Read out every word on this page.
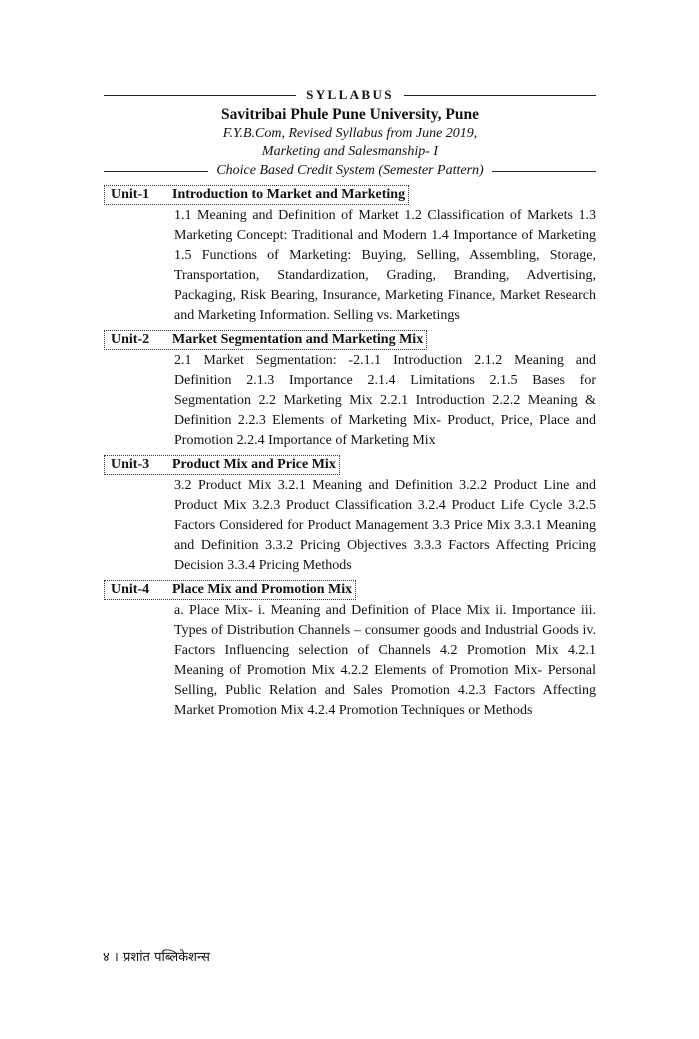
SYLLABUS
Savitribai Phule Pune University, Pune
F.Y.B.Com, Revised Syllabus from June 2019,
Marketing and Salesmanship- I
Choice Based Credit System (Semester Pattern)
Unit-1	Introduction to Market and Marketing
1.1 Meaning and Definition of Market 1.2 Classification of Markets 1.3 Marketing Concept: Traditional and Modern 1.4 Importance of Marketing 1.5 Functions of Marketing: Buying, Selling, Assembling, Storage, Transportation, Standardization, Grading, Branding, Advertising, Packaging, Risk Bearing, Insurance, Marketing Finance, Market Research and Marketing Information. Selling vs. Marketings
Unit-2	Market Segmentation and Marketing Mix
2.1 Market Segmentation: -2.1.1 Introduction 2.1.2 Meaning and Definition 2.1.3 Importance 2.1.4 Limitations 2.1.5 Bases for Segmentation 2.2 Marketing Mix 2.2.1 Introduction 2.2.2 Meaning & Definition 2.2.3 Elements of Marketing Mix- Product, Price, Place and Promotion 2.2.4 Importance of Marketing Mix
Unit-3	Product Mix and Price Mix
3.2 Product Mix 3.2.1 Meaning and Definition 3.2.2 Product Line and Product Mix 3.2.3 Product Classification 3.2.4 Product Life Cycle 3.2.5 Factors Considered for Product Management 3.3 Price Mix 3.3.1 Meaning and Definition 3.3.2 Pricing Objectives 3.3.3 Factors Affecting Pricing Decision 3.3.4 Pricing Methods
Unit-4	Place Mix and Promotion Mix
a. Place Mix- i. Meaning and Definition of Place Mix ii. Importance iii. Types of Distribution Channels – consumer goods and Industrial Goods iv. Factors Influencing selection of Channels 4.2 Promotion Mix 4.2.1 Meaning of Promotion Mix 4.2.2 Elements of Promotion Mix- Personal Selling, Public Relation and Sales Promotion 4.2.3 Factors Affecting Market Promotion Mix 4.2.4 Promotion Techniques or Methods
४ । प्रशांत पब्लिकेशन्स
